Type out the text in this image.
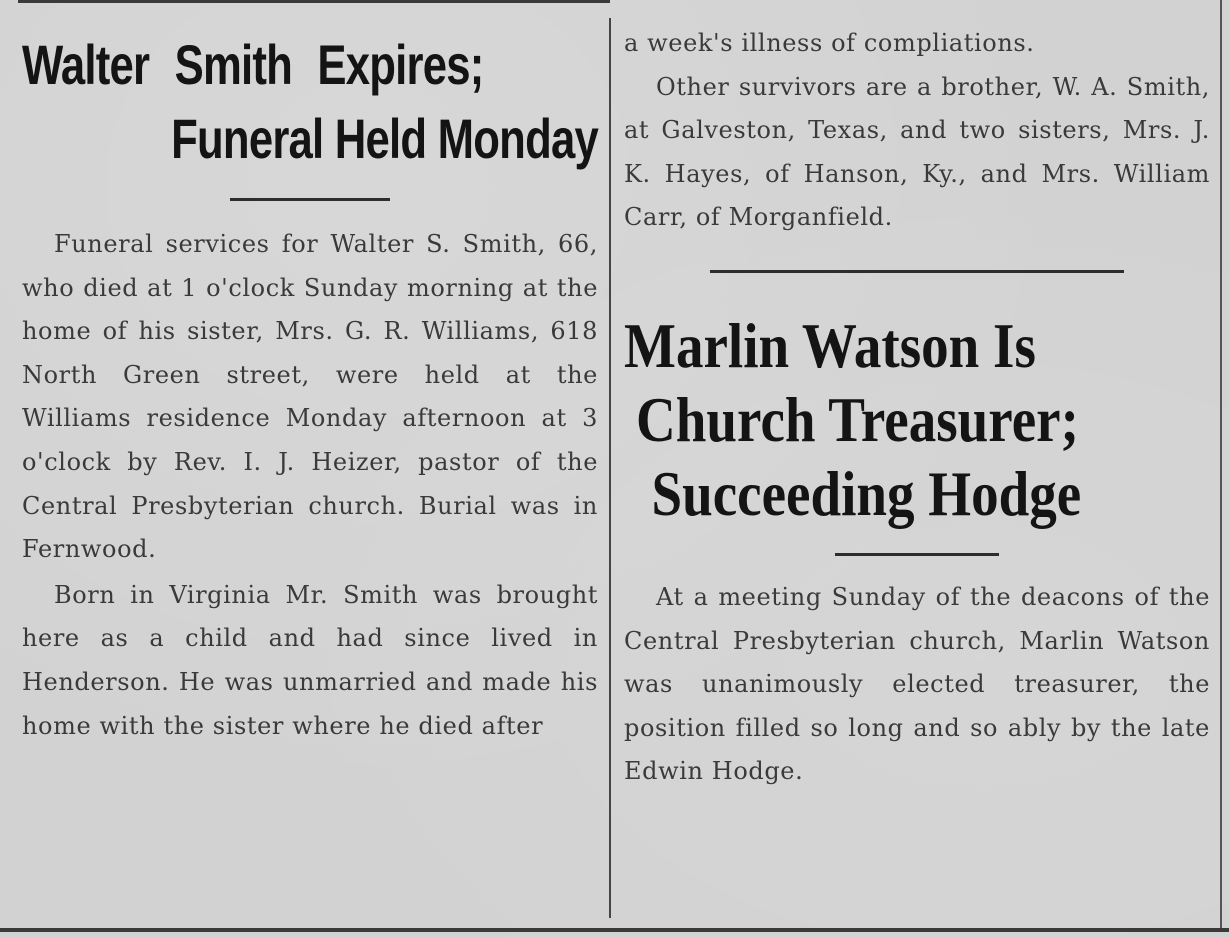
Walter Smith Expires;
Funeral Held Monday

Funeral services for Walter S. Smith, 66, who died at 1 o'clock Sunday morning at the home of his sister, Mrs. G. R. Williams, 618 North Green street, were held at the Williams residence Monday afternoon at 3 o'clock by Rev. I. J. Heizer, pastor of the Central Presbyterian church. Burial was in Fernwood.

Born in Virginia Mr. Smith was brought here as a child and had since lived in Henderson. He was unmarried and made his home with the sister where he died after

a week's illness of compliations.

Other survivors are a brother, W. A. Smith, at Galveston, Texas, and two sisters, Mrs. J. K. Hayes, of Hanson, Ky., and Mrs. William Carr, of Morganfield.

Marlin Watson Is
Church Treasurer;
Succeeding Hodge

At a meeting Sunday of the deacons of the Central Presbyterian church, Marlin Watson was unanimously elected treasurer, the position filled so long and so ably by the late Edwin Hodge.
